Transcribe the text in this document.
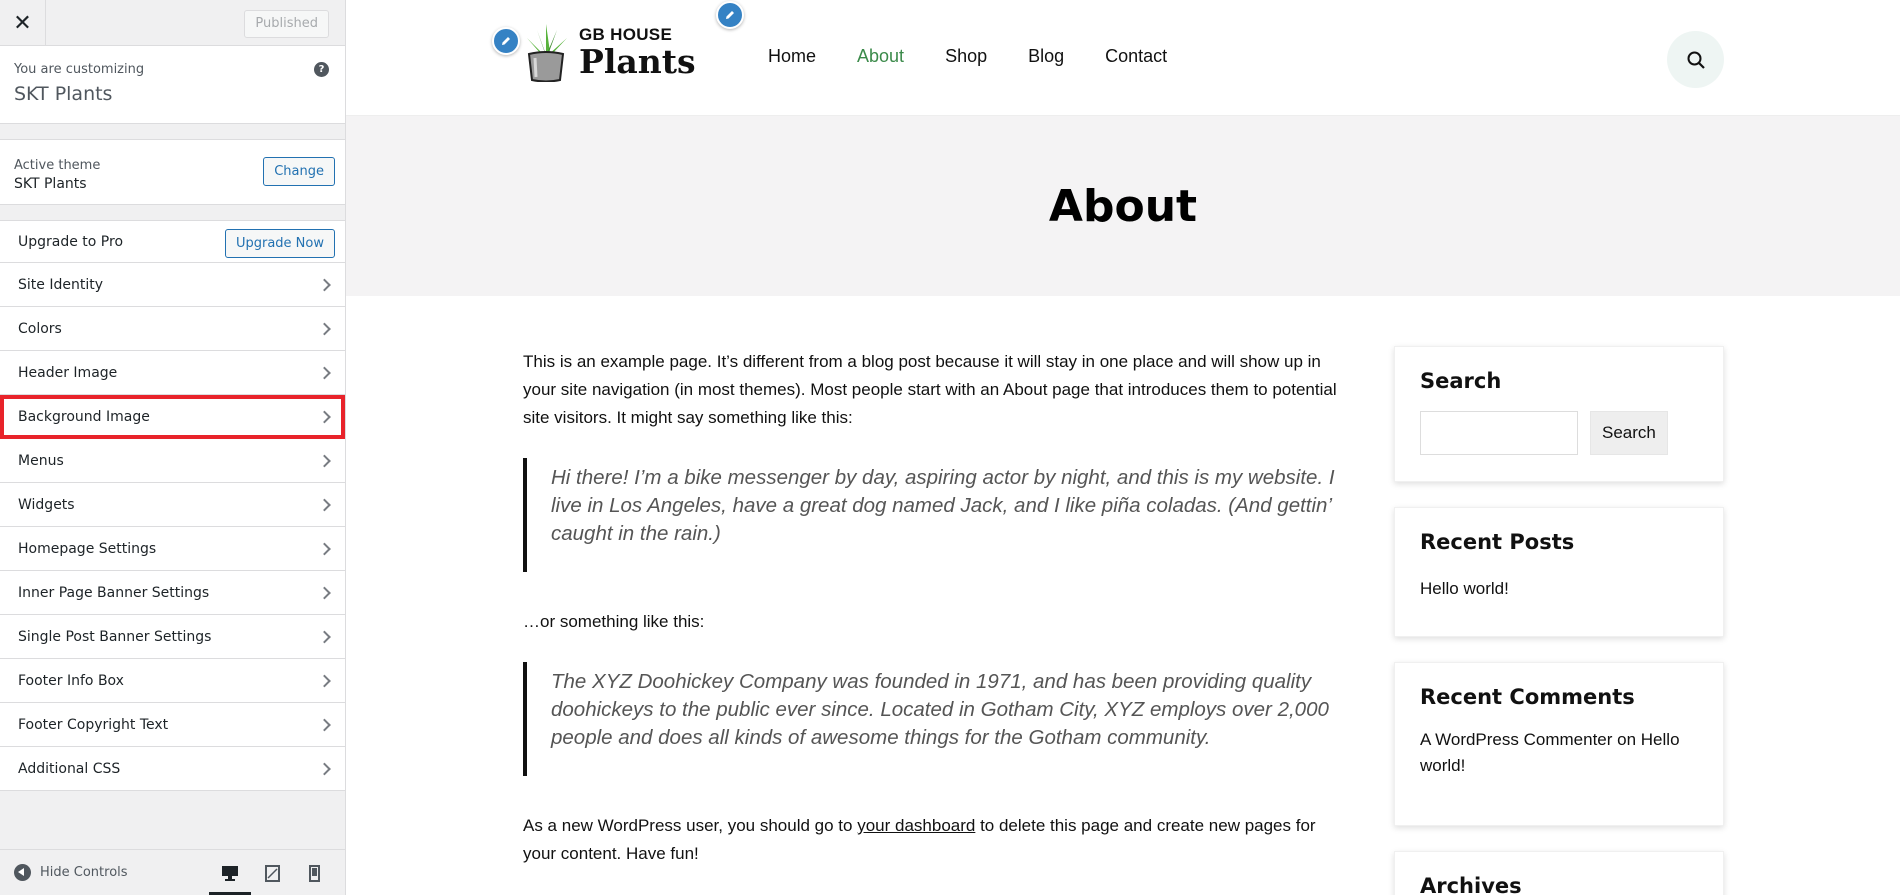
✕	Published
You are customizing
SKT Plants
?
Active theme
SKT Plants
Change
Upgrade to Pro	Upgrade Now
Site Identity
Colors
Header Image
Background Image
Menus
Widgets
Homepage Settings
Inner Page Banner Settings
Single Post Banner Settings
Footer Info Box
Footer Copyright Text
Additional CSS
Hide Controls
GB HOUSE
Plants	Home About Shop Blog Contact
About

This is an example page. It’s different from a blog post because it will stay in one place and will show up in your site navigation (in most themes). Most people start with an About page that introduces them to potential site visitors. It might say something like this:

Hi there! I’m a bike messenger by day, aspiring actor by night, and this is my website. I live in Los Angeles, have a great dog named Jack, and I like piña coladas. (And gettin’ caught in the rain.)

…or something like this:

The XYZ Doohickey Company was founded in 1971, and has been providing quality doohickeys to the public ever since. Located in Gotham City, XYZ employs over 2,000 people and does all kinds of awesome things for the Gotham community.

As a new WordPress user, you should go to your dashboard to delete this page and create new pages for your content. Have fun!

Search
Search
Recent Posts
Hello world!
Recent Comments
A WordPress Commenter on Hello world!
Archives
